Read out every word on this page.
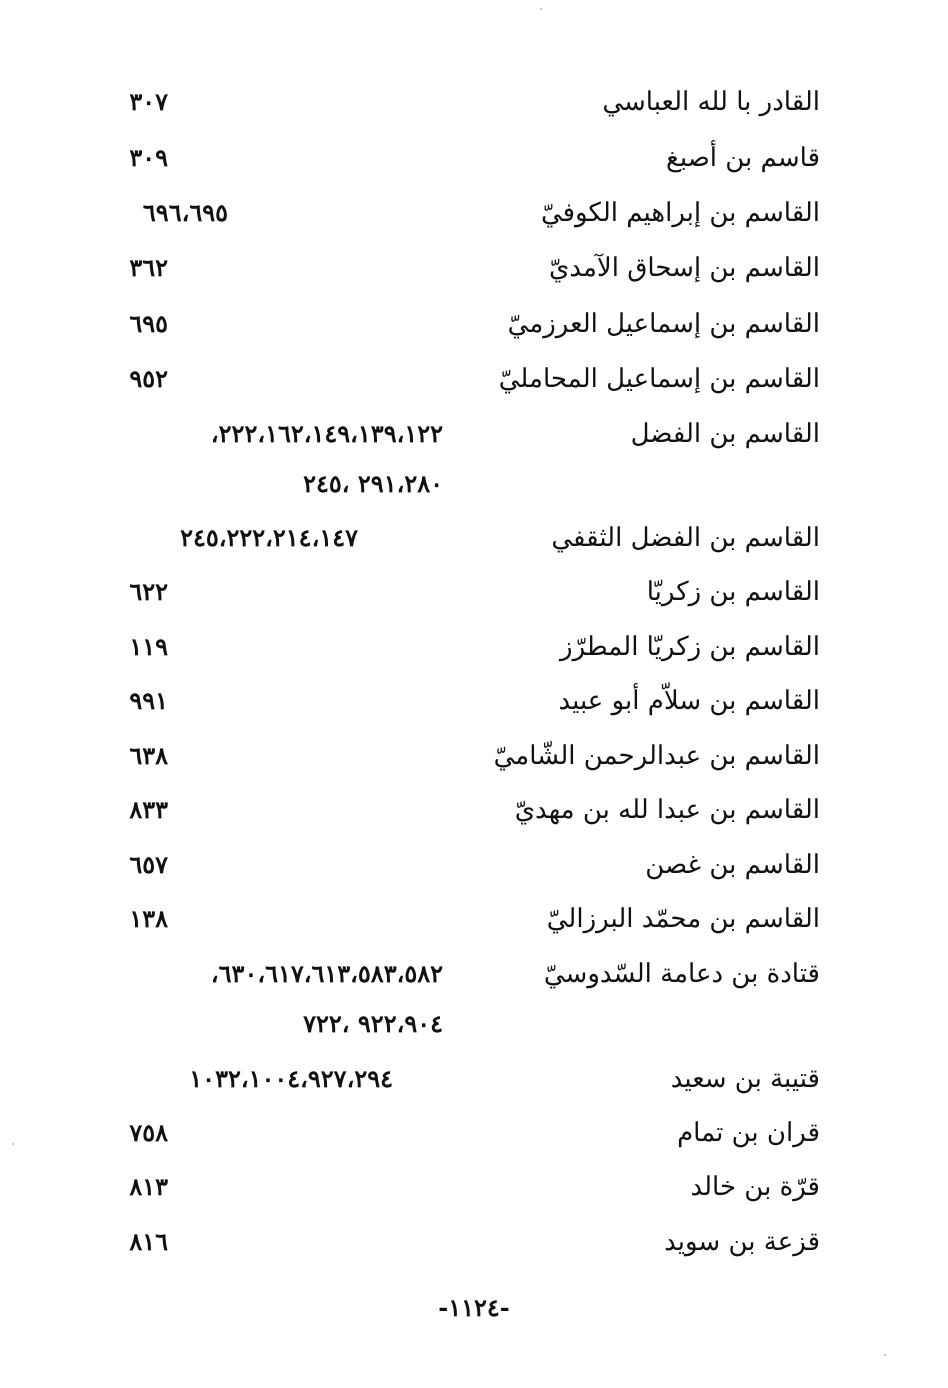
القادر با لله العباسي
٣٠٧
قاسم بن أصبغ
٣٠٩
القاسم بن إبراهيم الكوفيّ
٦٩٦،٦٩٥
القاسم بن إسحاق الآمديّ
٣٦٢
القاسم بن إسماعيل العرزميّ
٦٩٥
القاسم بن إسماعيل المحامليّ
٩٥٢
القاسم بن الفضل
٢٢٢،١٦٢،١٤٩،١٣٩،١٢٢،
٢٩١،٢٨٠ ،٢٤٥
القاسم بن الفضل الثقفي
٢٤٥،٢٢٢،٢١٤،١٤٧
القاسم بن زكريّا
٦٢٢
القاسم بن زكريّا المطرّز
١١٩
القاسم بن سلاّم أبو عبيد
٩٩١
القاسم بن عبدالرحمن الشّاميّ
٦٣٨
القاسم بن عبدا لله بن مهديّ
٨٣٣
القاسم بن غصن
٦٥٧
القاسم بن محمّد البرزاليّ
١٣٨
قتادة بن دعامة السّدوسيّ
٦٣٠،٦١٧،٦١٣،٥٨٣،٥٨٢،
٩٢٢،٩٠٤ ،٧٢٢
قتيبة بن سعيد
١٠٣٢،١٠٠٤،٩٢٧،٢٩٤
قران بن تمام
٧٥٨
قرّة بن خالد
٨١٣
قزعة بن سويد
٨١٦
-١١٢٤-
